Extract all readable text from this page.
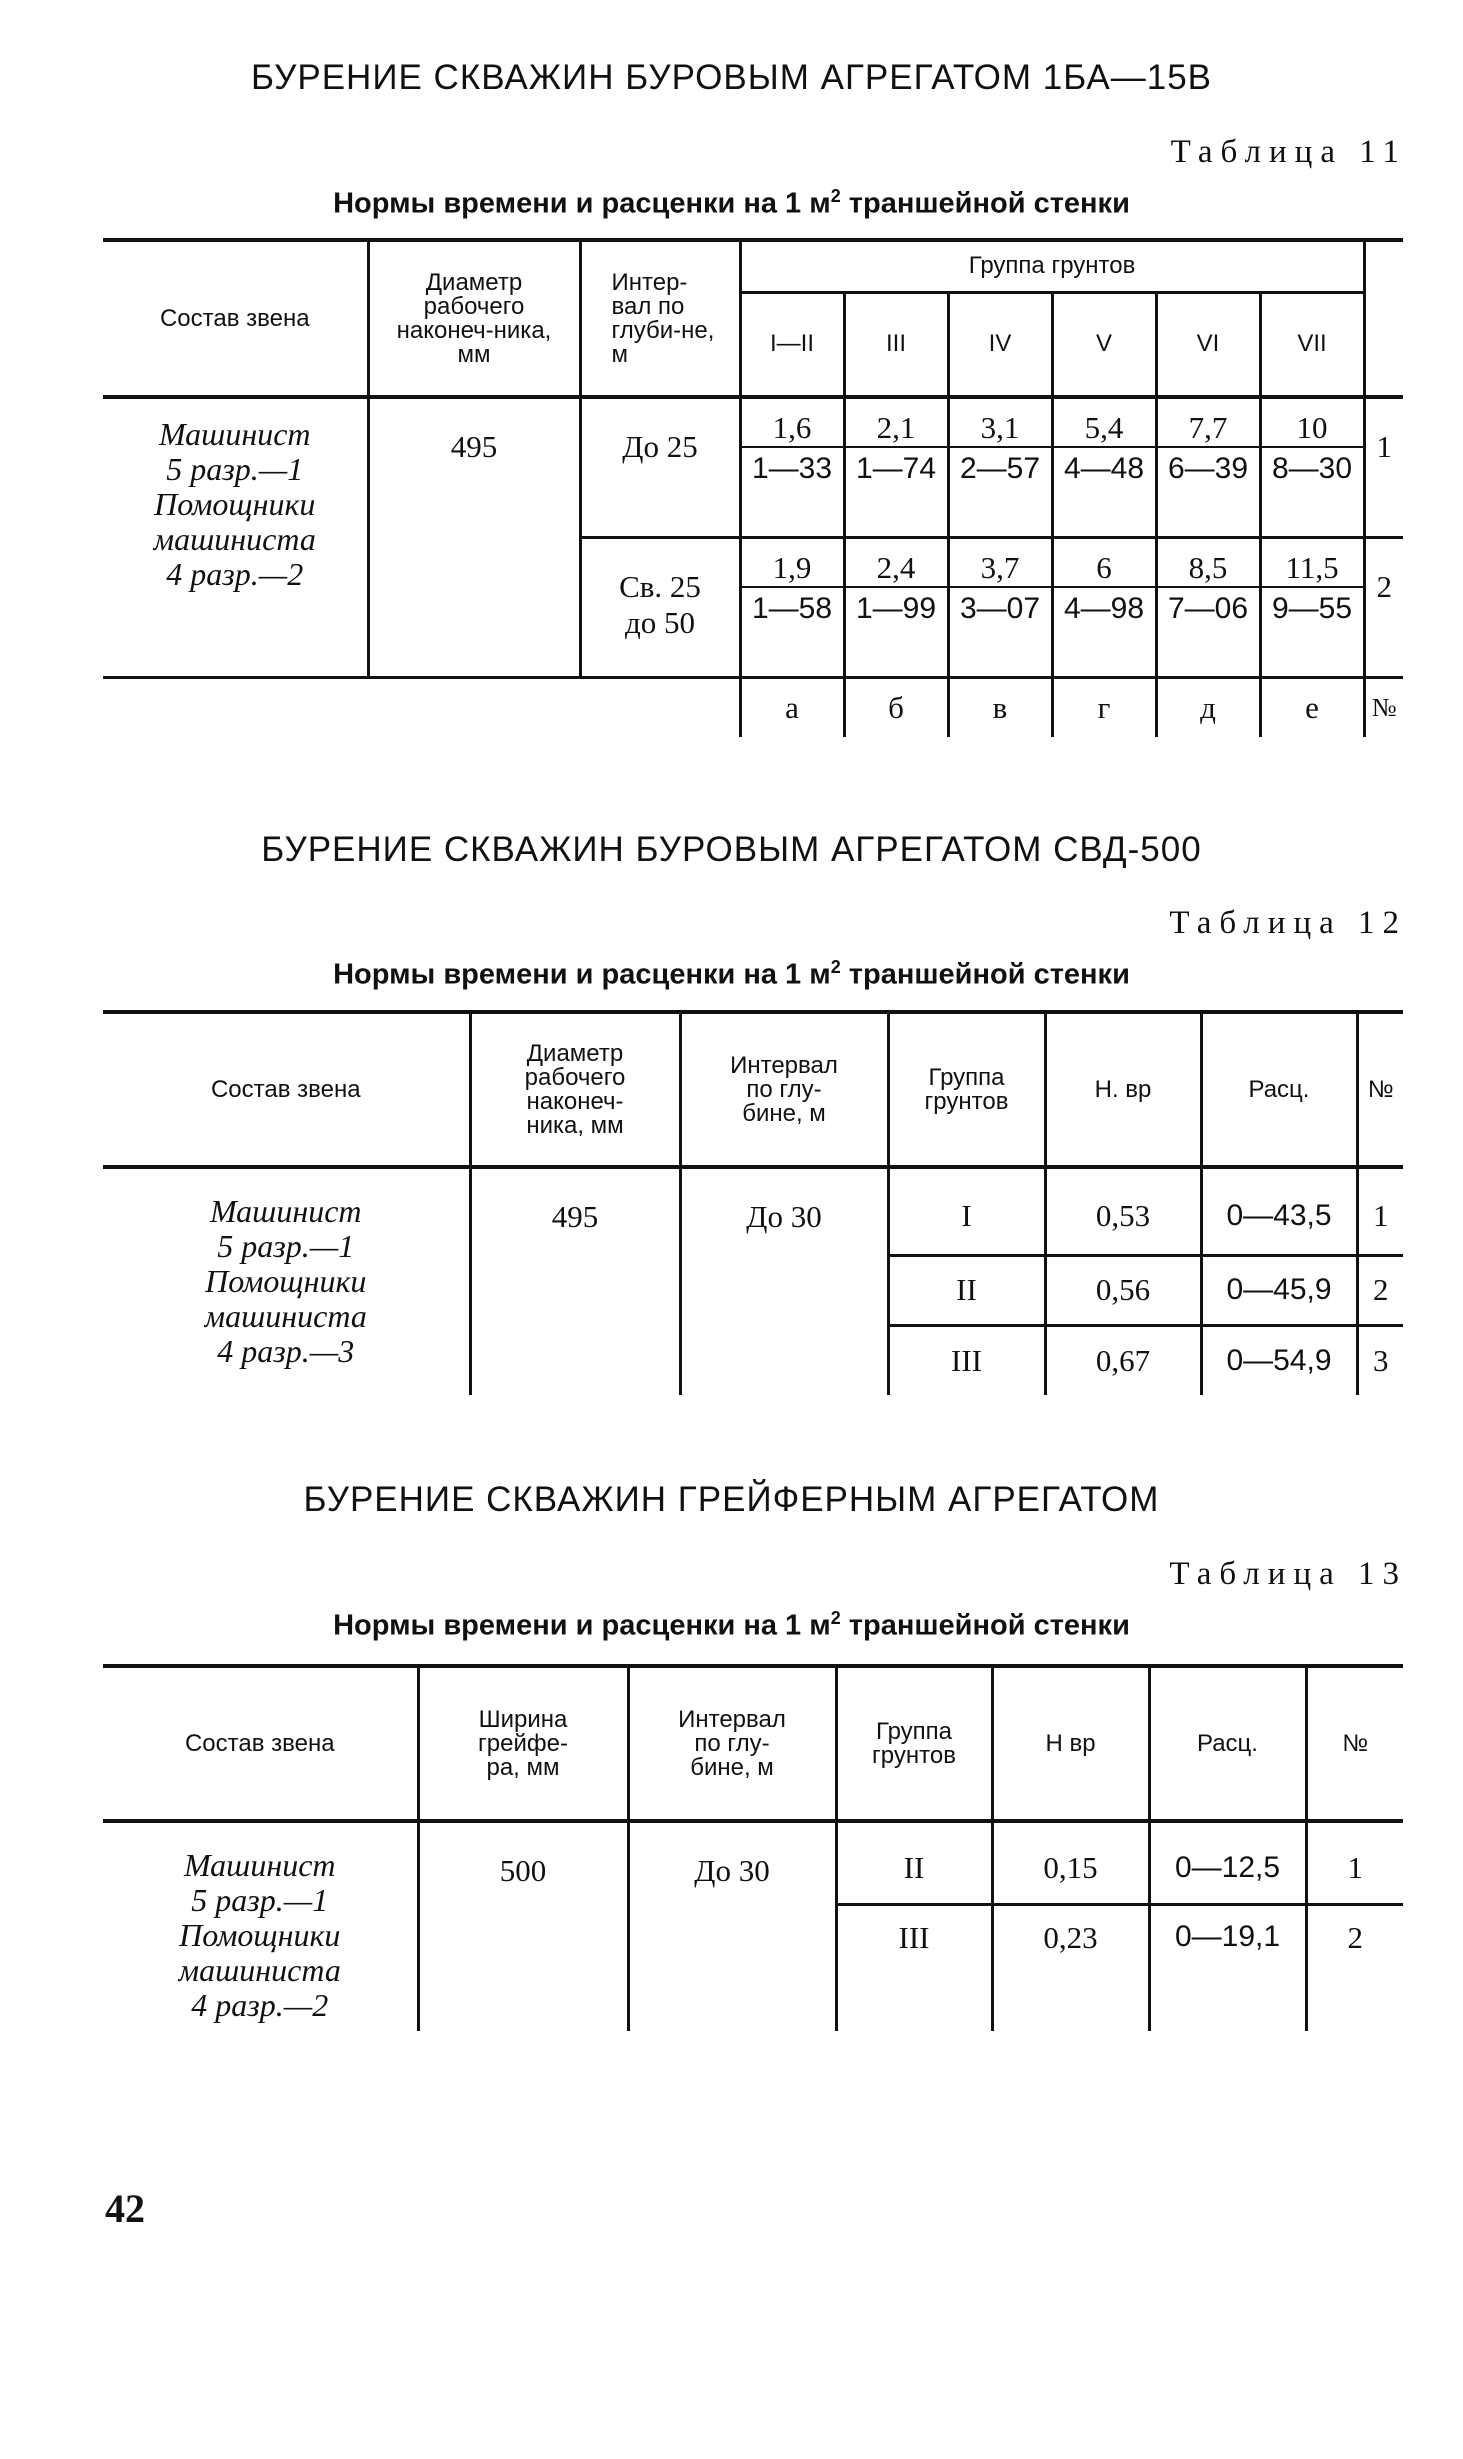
БУРЕНИЕ СКВАЖИН БУРОВЫМ АГРЕГАТОМ 1БА—15В
Таблица 11
Нормы времени и расценки на 1 $м^2$ траншейной стенки
Состав звена	Диаметр рабочего наконеч-ника, мм	Интер-вал по глуби-не, м	Группа грунтов						
			I—II	III	IV	V	VI	VII	

Машинист
5 разр.—1
Помощники
машиниста
4 разр.—2	495	До 25	1,6	2,1	3,1	5,4	7,7	10	1
			1—33	1—74	2—57	4—48	6—39	8—30	

		Св. 25
до 50	1,9	2,4	3,7	6	8,5	11,5	2
			1—58	1—99	3—07	4—98	7—06	9—55	
			а	б	в	г	д	е	№
БУРЕНИЕ СКВАЖИН БУРОВЫМ АГРЕГАТОМ СВД-500
Таблица 12
Нормы времени и расценки на 1 $м^2$ траншейной стенки
Состав звена	Диаметр рабочего наконеч-ника, мм	Интервал по глу-бине, м	Группа грунтов	Н. вр	Расц.	№

Машинист
5 разр.—1
Помощники
машиниста
4 разр.—3	495	До 30	I	0,53	0—43,5	1
			II	0,56	0—45,9	2
			III	0,67	0—54,9	3
БУРЕНИЕ СКВАЖИН ГРЕЙФЕРНЫМ АГРЕГАТОМ
Таблица 13
Нормы времени и расценки на 1 $м^2$ траншейной стенки
Состав звена	Ширина грейфе-ра, мм	Интервал по глу-бине, м	Группа грунтов	Н вр	Расц.	№

Машинист
5 разр.—1
Помощники
машиниста
4 разр.—2	500	До 30	II	0,15	0—12,5	1
			III	0,23	0—19,1	2
42
